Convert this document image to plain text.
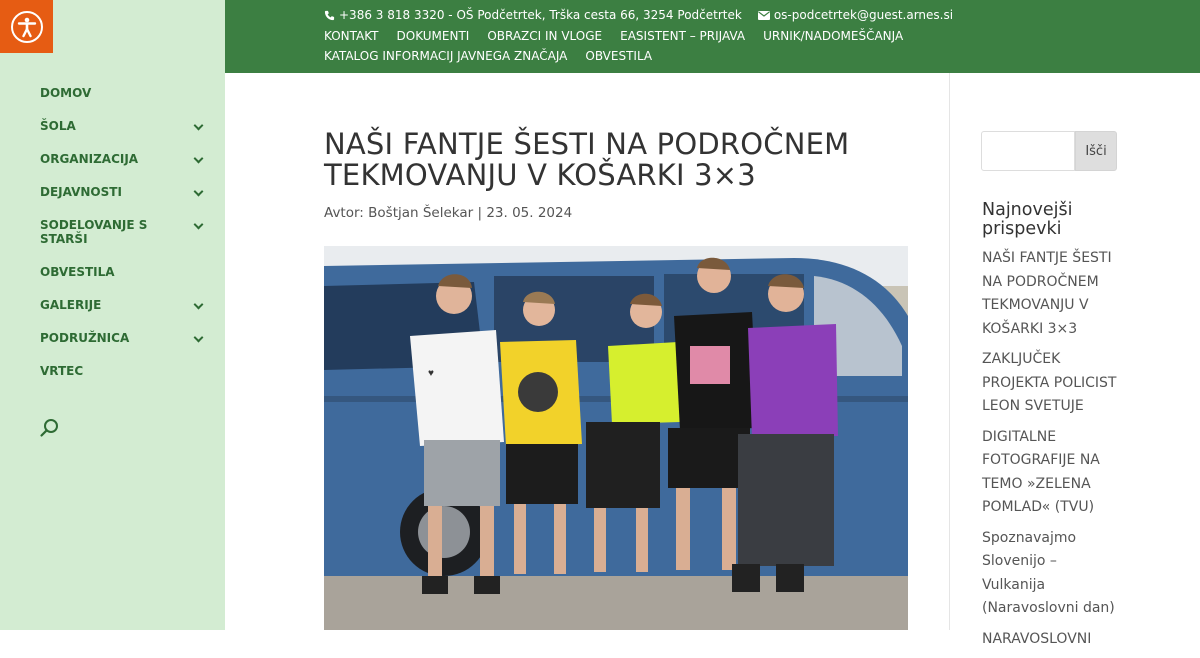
DOMOV
ŠOLA
ORGANIZACIJA
DEJAVNOSTI
SODELOVANJE S STARŠI
OBVESTILA
GALERIJE
PODRUŽNICA
VRTEC
+386 3 818 3320 - OŠ Podčetrtek, Trška cesta 66, 3254 Podčetrtek	os-podcetrtek@guest.arnes.si
KONTAKT DOKUMENTI OBRAZCI IN VLOGE EASISTENT – PRIJAVA URNIK/NADOMEŠČANJA
KATALOG INFORMACIJ JAVNEGA ZNAČAJA OBVESTILA
NAŠI FANTJE ŠESTI NA PODROČNEM TEKMOVANJU V KOŠARKI 3×3
Avtor: Boštjan Šelekar | 23. 05. 2024
♥
Išči
Najnovejši prispevki
NAŠI FANTJE ŠESTI NA PODROČNEM TEKMOVANJU V KOŠARKI 3×3
ZAKLJUČEK PROJEKTA POLICIST LEON SVETUJE
DIGITALNE FOTOGRAFIJE NA TEMO »ZELENA POMLAD« (TVU)
Spoznavajmo Slovenijo – Vulkanija (Naravoslovni dan)
NARAVOSLOVNI
